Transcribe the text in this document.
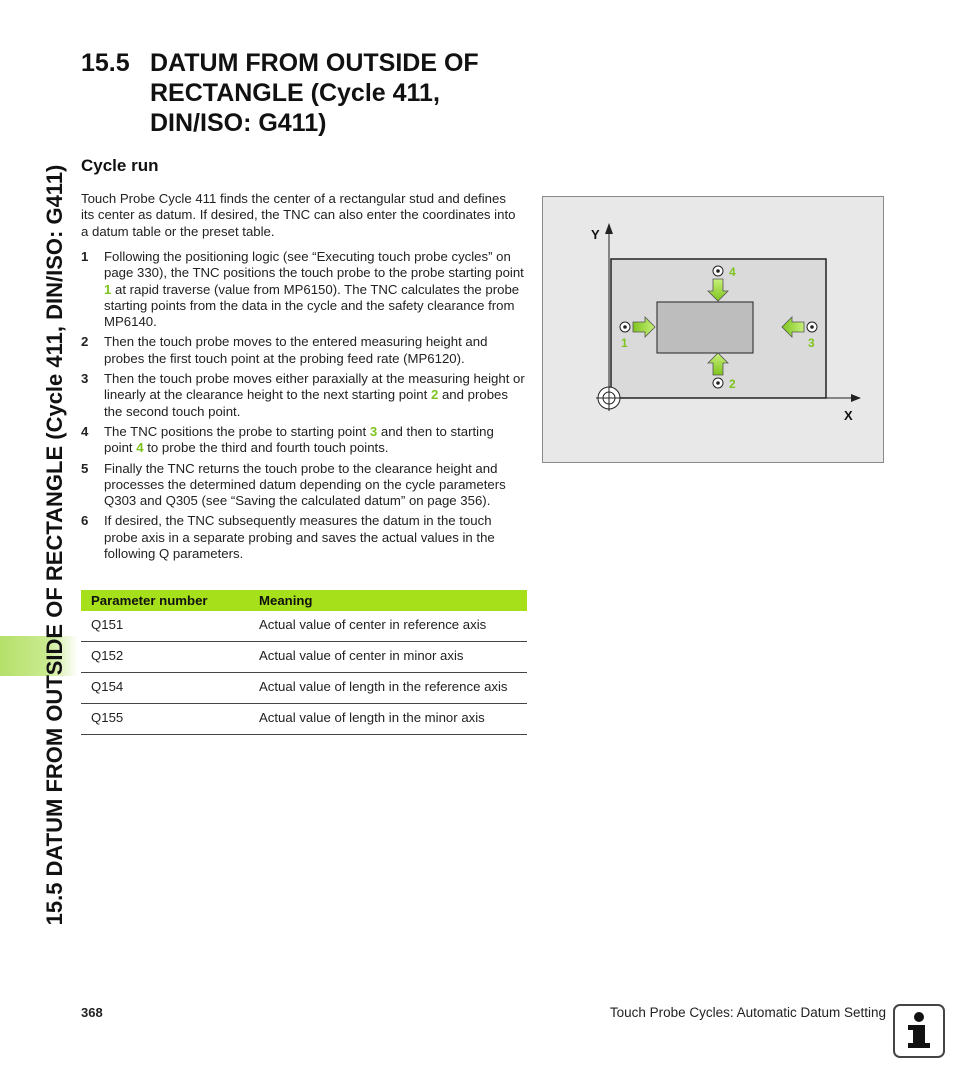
15.5 DATUM FROM OUTSIDE OF RECTANGLE (Cycle 411, DIN/ISO: G411)
15.5 DATUM FROM OUTSIDE OF
RECTANGLE (Cycle 411,
DIN/ISO: G411)
Cycle run

Touch Probe Cycle 411 finds the center of a rectangular stud and defines its center as datum. If desired, the TNC can also enter the coordinates into a datum table or the preset table.

1 Following the positioning logic (see “Executing touch probe cycles” on page 330), the TNC positions the touch probe to the probe starting point 1 at rapid traverse (value from MP6150). The TNC calculates the probe starting points from the data in the cycle and the safety clearance from MP6140.
2 Then the touch probe moves to the entered measuring height and probes the first touch point at the probing feed rate (MP6120).
3 Then the touch probe moves either paraxially at the measuring height or linearly at the clearance height to the next starting point 2 and probes the second touch point.
4 The TNC positions the probe to starting point 3 and then to starting point 4 to probe the third and fourth touch points.
5 Finally the TNC returns the touch probe to the clearance height and processes the determined datum depending on the cycle parameters Q303 and Q305 (see “Saving the calculated datum” on page 356).
6 If desired, the TNC subsequently measures the datum in the touch probe axis in a separate probing and saves the actual values in the following Q parameters.
Parameter number	Meaning
Q151	Actual value of center in reference axis
Q152	Actual value of center in minor axis
Q154	Actual value of length in the reference axis
Q155	Actual value of length in the minor axis
Y
X
1
2
3
4
368	Touch Probe Cycles: Automatic Datum Setting
